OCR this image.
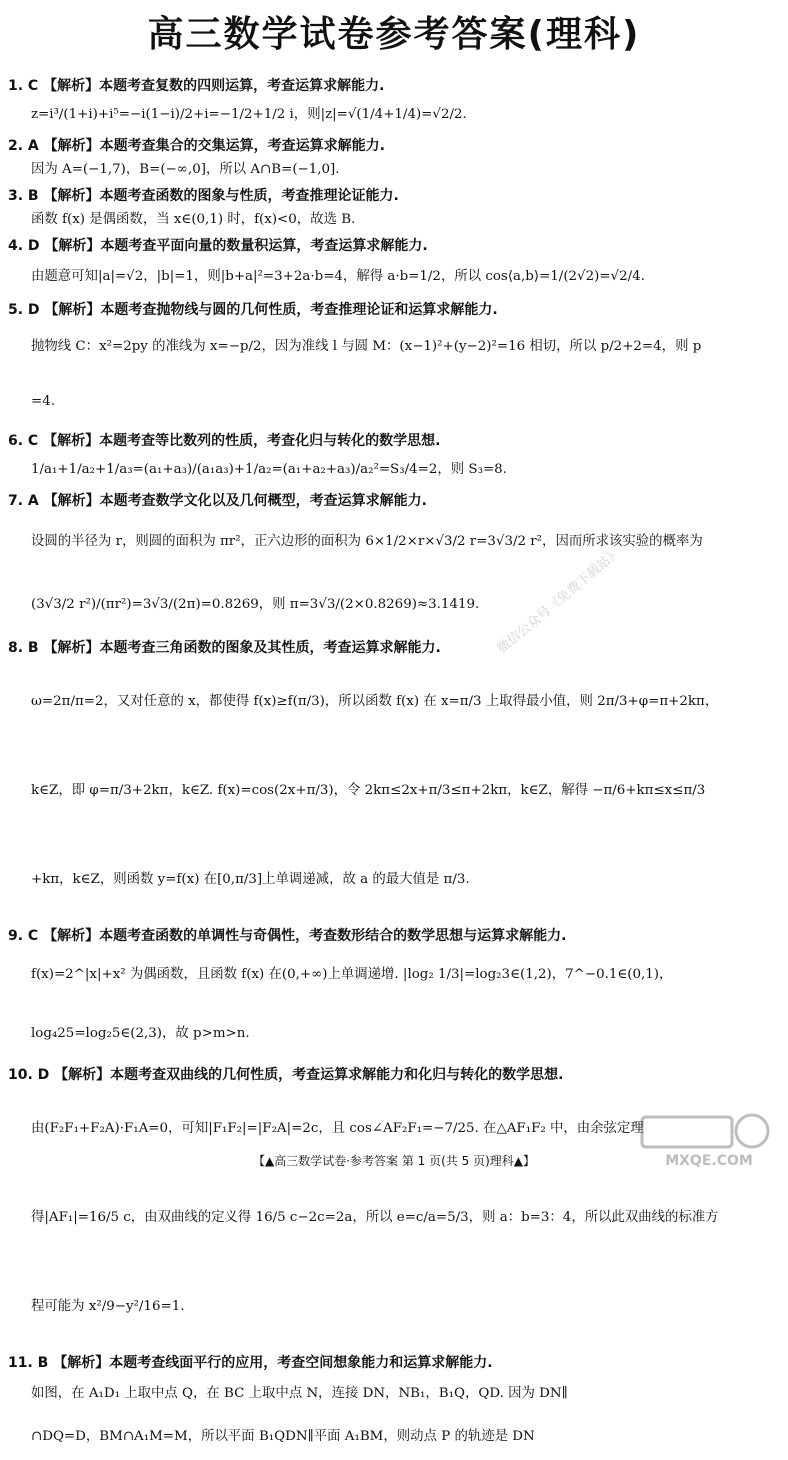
高三数学试卷参考答案(理科)
1. C 【解析】本题考查复数的四则运算，考查运算求解能力.
z=i³/(1+i)+i⁵=−i(1−i)/2+i=−1/2+1/2 i，则|z|=√(1/4+1/4)=√2/2.
2. A 【解析】本题考查集合的交集运算，考查运算求解能力.
因为 A=(−1,7)，B=(−∞,0]，所以 A∩B=(−1,0].
3. B 【解析】本题考查函数的图象与性质，考查推理论证能力.
函数 f(x) 是偶函数，当 x∈(0,1) 时，f(x)<0，故选 B.
4. D 【解析】本题考查平面向量的数量积运算，考查运算求解能力.
由题意可知|a|=√2，|b|=1，则|b+a|²=3+2a·b=4，解得 a·b=1/2，所以 cos⟨a,b⟩=1/(2√2)=√2/4.
5. D 【解析】本题考查抛物线与圆的几何性质，考查推理论证和运算求解能力.
抛物线 C：x²=2py 的准线为 x=−p/2，因为准线 l 与圆 M：(x−1)²+(y−2)²=16 相切，所以 p/2+2=4，则 p
=4.
6. C 【解析】本题考查等比数列的性质，考查化归与转化的数学思想.
1/a₁+1/a₂+1/a₃=(a₁+a₃)/(a₁a₃)+1/a₂=(a₁+a₂+a₃)/a₂²=S₃/4=2，则 S₃=8.
7. A 【解析】本题考查数学文化以及几何概型，考查运算求解能力.
设圆的半径为 r，则圆的面积为 πr²，正六边形的面积为 6×1/2×r×√3/2 r=3√3/2 r²，因而所求该实验的概率为
(3√3/2 r²)/(πr²)=3√3/(2π)=0.8269，则 π=3√3/(2×0.8269)≈3.1419.
8. B 【解析】本题考查三角函数的图象及其性质，考查运算求解能力.
ω=2π/π=2，又对任意的 x，都使得 f(x)≥f(π/3)，所以函数 f(x) 在 x=π/3 上取得最小值，则 2π/3+φ=π+2kπ，
k∈Z，即 φ=π/3+2kπ，k∈Z. f(x)=cos(2x+π/3)，令 2kπ≤2x+π/3≤π+2kπ，k∈Z，解得 −π/6+kπ≤x≤π/3
+kπ，k∈Z，则函数 y=f(x) 在[0,π/3]上单调递减，故 a 的最大值是 π/3.
9. C 【解析】本题考查函数的单调性与奇偶性，考查数形结合的数学思想与运算求解能力.
f(x)=2^|x|+x² 为偶函数，且函数 f(x) 在(0,+∞)上单调递增. |log₂ 1/3|=log₂3∈(1,2)，7^−0.1∈(0,1)，
log₄25=log₂5∈(2,3)，故 p>m>n.
10. D 【解析】本题考查双曲线的几何性质，考查运算求解能力和化归与转化的数学思想.
由(F₂F₁+F₂A)·F₁A=0，可知|F₁F₂|=|F₂A|=2c，且 cos∠AF₂F₁=−7/25. 在△AF₁F₂ 中，由余弦定理
得|AF₁|=16/5 c，由双曲线的定义得 16/5 c−2c=2a，所以 e=c/a=5/3，则 a：b=3：4，所以此双曲线的标准方
程可能为 x²/9−y²/16=1.
11. B 【解析】本题考查线面平行的应用，考查空间想象能力和运算求解能力.
如图，在 A₁D₁ 上取中点 Q，在 BC 上取中点 N，连接 DN，NB₁，B₁Q，QD. 因为 DN∥
∩DQ=D，BM∩A₁M=M，所以平面 B₁QDN∥平面 A₁BM，则动点 P 的轨迹是 DN
微信公众号《免费下载站》
MXQE.COM
【▲高三数学试卷·参考答案 第 1 页(共 5 页)理科▲】
